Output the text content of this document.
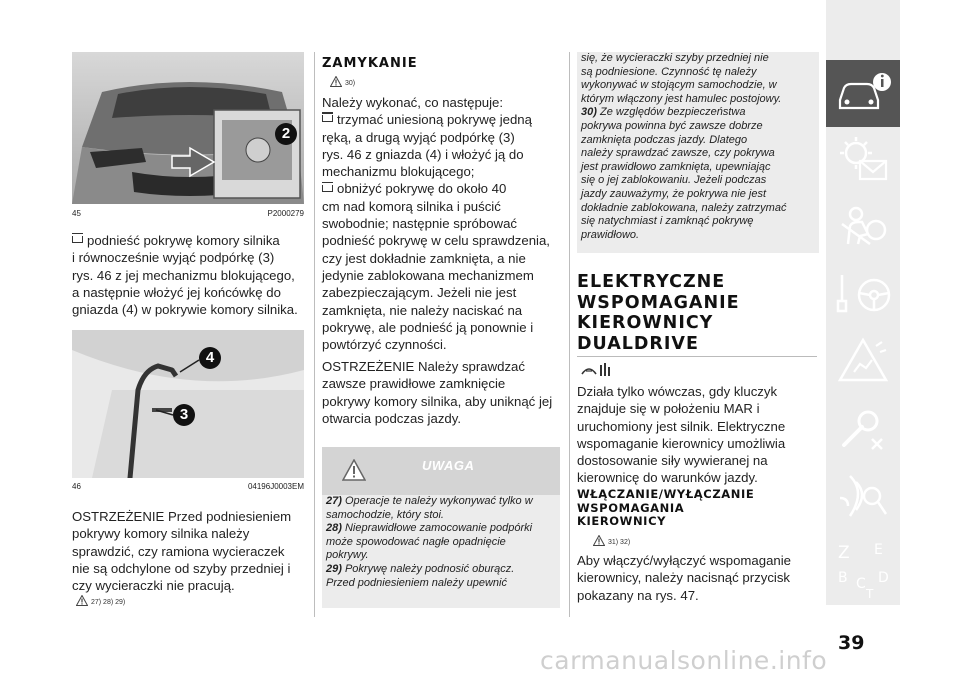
2
45	P2000279

podnieść pokrywę komory silnika
i równocześnie wyjąć podpórkę (3)
rys. 46 z jej mechanizmu blokującego,
a następnie włożyć jej końcówkę do
gniazda (4) w pokrywie komory silnika.

4
3
46	04196J0003EM

OSTRZEŻENIE Przed podniesieniem
pokrywy komory silnika należy
sprawdzić, czy ramiona wycieraczek
nie są odchylone od szyby przedniej i
czy wycieraczki nie pracują.

27) 28) 29)
ZAMYKANIE
30)

Należy wykonać, co następuje:
trzymać uniesioną pokrywę jedną
ręką, a drugą wyjąć podpórkę (3)
rys. 46 z gniazda (4) i włożyć ją do
mechanizmu blokującego;
obniżyć pokrywę do około 40
cm nad komorą silnika i puścić
swobodnie; następnie spróbować
podnieść pokrywę w celu sprawdzenia,
czy jest dokładnie zamknięta, a nie
jedynie zablokowana mechanizmem
zabezpieczającym. Jeżeli nie jest
zamknięta, nie należy naciskać na
pokrywę, ale podnieść ją ponownie i
powtórzyć czynności.

OSTRZEŻENIE Należy sprawdzać
zawsze prawidłowe zamknięcie
pokrywy komory silnika, aby uniknąć jej
otwarcia podczas jazdy.

UWAGA
27) Operacje te należy wykonywać tylko w
samochodzie, który stoi.
28) Nieprawidłowe zamocowanie podpórki
może spowodować nagłe opadnięcie
pokrywy.
29) Pokrywę należy podnosić oburącz.
Przed podniesieniem należy upewnić
się, że wycieraczki szyby przedniej nie
są podniesione. Czynność tę należy
wykonywać w stojącym samochodzie, w
którym włączony jest hamulec postojowy.
30) Ze względów bezpieczeństwa
pokrywa powinna być zawsze dobrze
zamknięta podczas jazdy. Dlatego
należy sprawdzać zawsze, czy pokrywa
jest prawidłowo zamknięta, upewniając
się o jej zablokowaniu. Jeżeli podczas
jazdy zauważymy, że pokrywa nie jest
dokładnie zablokowana, należy zatrzymać
się natychmiast i zamknąć pokrywę
prawidłowo.
ELEKTRYCZNE
WSPOMAGANIE
KIEROWNICY
DUALDRIVE

Działa tylko wówczas, gdy kluczyk
znajduje się w położeniu MAR i
uruchomiony jest silnik. Elektryczne
wspomaganie kierownicy umożliwia
dostosowanie siły wywieranej na
kierownicę do warunków jazdy.

WŁĄCZANIE/WYŁĄCZANIE
WSPOMAGANIA
KIEROWNICY
31) 32)

Aby włączyć/wyłączyć wspomaganie
kierownicy, należy nacisnąć przycisk
pokazany na rys. 47.

Z E
B C
T
D
39
carmanualsonline.info
